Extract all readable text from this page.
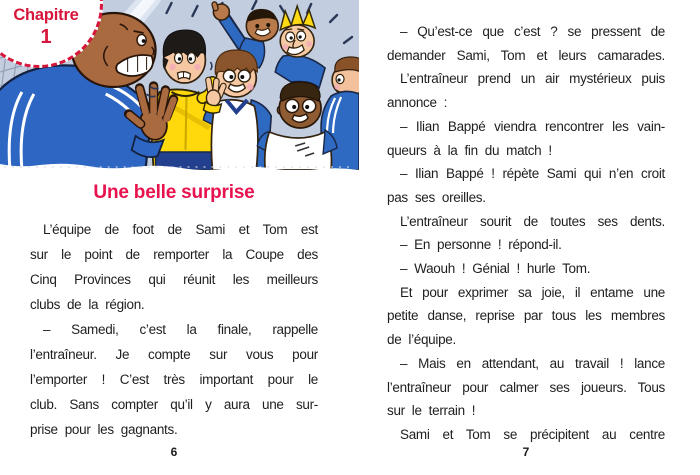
Chapitre
1
Une belle surprise
L’équipe de foot de Sami et Tom est
sur le point de remporter la Coupe des
Cinq Provinces qui réunit les meilleurs
clubs de la région.
– Samedi, c’est la finale, rappelle
l’entraîneur. Je compte sur vous pour
l’emporter ! C’est très important pour le
club. Sans compter qu’il y aura une sur-
prise pour les gagnants.
6
– Qu’est-ce que c’est ? se pressent de
demander Sami, Tom et leurs camarades.
L’entraîneur prend un air mystérieux puis
annonce :
– Ilian Bappé viendra rencontrer les vain-
queurs à la fin du match !
– Ilian Bappé ! répète Sami qui n’en croit
pas ses oreilles.
L’entraîneur sourit de toutes ses dents.
– En personne ! répond-il.
– Waouh ! Génial ! hurle Tom.
Et pour exprimer sa joie, il entame une
petite danse, reprise par tous les membres
de l’équipe.
– Mais en attendant, au travail ! lance
l’entraîneur pour calmer ses joueurs. Tous
sur le terrain !
Sami et Tom se précipitent au centre
7
